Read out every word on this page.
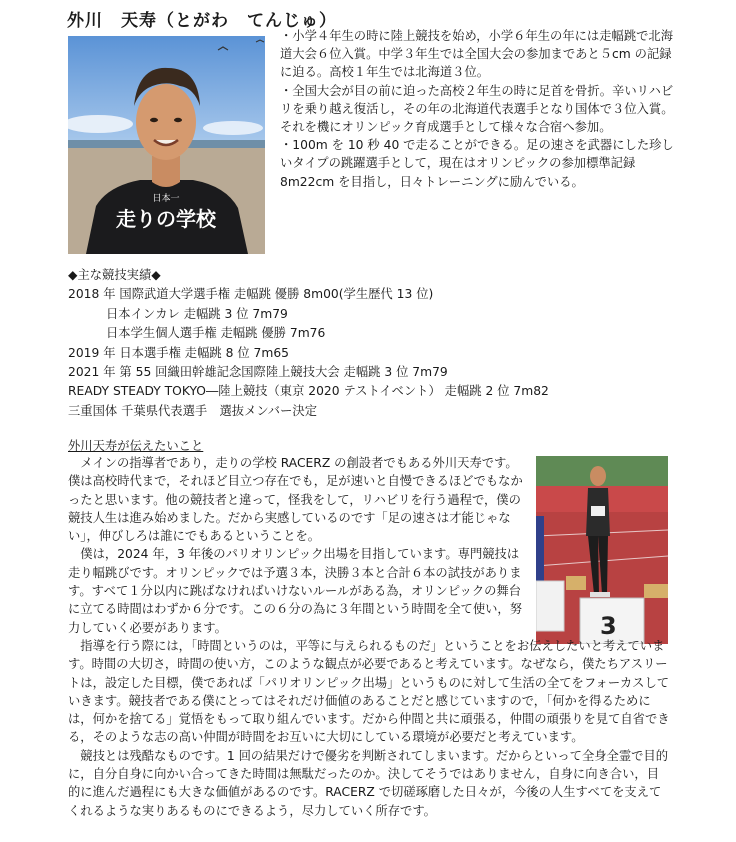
外川　天寿（とがわ　てんじゅ）
日本一
走りの学校

・小学４年生の時に陸上競技を始め，小学６年生の年には走幅跳で北海道大会６位入賞。中学３年生では全国大会の参加まであと５cm の記録に迫る。高校１年生では北海道３位。

・全国大会が目の前に迫った高校２年生の時に足首を骨折。辛いリハビリを乗り越え復活し，その年の北海道代表選手となり国体で３位入賞。それを機にオリンピック育成選手として様々な合宿へ参加。

・100m を 10 秒 40 で走ることができる。足の速さを武器にした珍しいタイプの跳躍選手として，現在はオリンピックの参加標準記録 8m22cm を目指し，日々トレーニングに励んでいる。

◆主な競技実績◆
2018 年 国際武道大学選手権 走幅跳 優勝 8m00(学生歴代 13 位)
日本インカレ 走幅跳 3 位 7m79
日本学生個人選手権 走幅跳 優勝 7m76
2019 年 日本選手権 走幅跳 8 位 7m65
2021 年 第 55 回織田幹雄記念国際陸上競技大会 走幅跳 3 位 7m79
READY STEADY TOKYO―陸上競技（東京 2020 テストイベント） 走幅跳 2 位 7m82
三重国体 千葉県代表選手　選抜メンバー決定
外川天寿が伝えたいこと
3

メインの指導者であり，走りの学校 RACERZ の創設者でもある外川天寿です。僕は高校時代まで，それほど目立つ存在でも，足が速いと自慢できるほどでもなかったと思います。他の競技者と違って，怪我をして，リハビリを行う過程で，僕の競技人生は進み始めました。だから実感しているのです「足の速さは才能じゃない」，伸びしろは誰にでもあるということを。

僕は，2024 年，3 年後のパリオリンピック出場を目指しています。専門競技は走り幅跳びです。オリンピックでは予選３本，決勝３本と合計６本の試技があります。すべて１分以内に跳ばなければいけないルールがある為，オリンピックの舞台に立てる時間はわずか６分です。この６分の為に３年間という時間を全て使い，努力していく必要があります。

指導を行う際には，「時間というのは，平等に与えられるものだ」ということをお伝えしたいと考えています。時間の大切さ，時間の使い方，このような観点が必要であると考えています。なぜなら，僕たちアスリートは，設定した目標，僕であれば「パリオリンピック出場」というものに対して生活の全てをフォーカスしていきます。競技者である僕にとってはそれだけ価値のあることだと感じていますので，「何かを得るためには，何かを捨てる」覚悟をもって取り組んでいます。だから仲間と共に頑張る，仲間の頑張りを見て自省できる，そのような志の高い仲間が時間をお互いに大切にしている環境が必要だと考えています。

競技とは残酷なものです。1 回の結果だけで優劣を判断されてしまいます。だからといって全身全霊で目的に，自分自身に向かい合ってきた時間は無駄だったのか。決してそうではありません，自身に向き合い，目的に進んだ過程にも大きな価値があるのです。RACERZ で切磋琢磨した日々が，今後の人生すべてを支えてくれるような実りあるものにできるよう，尽力していく所存です。
